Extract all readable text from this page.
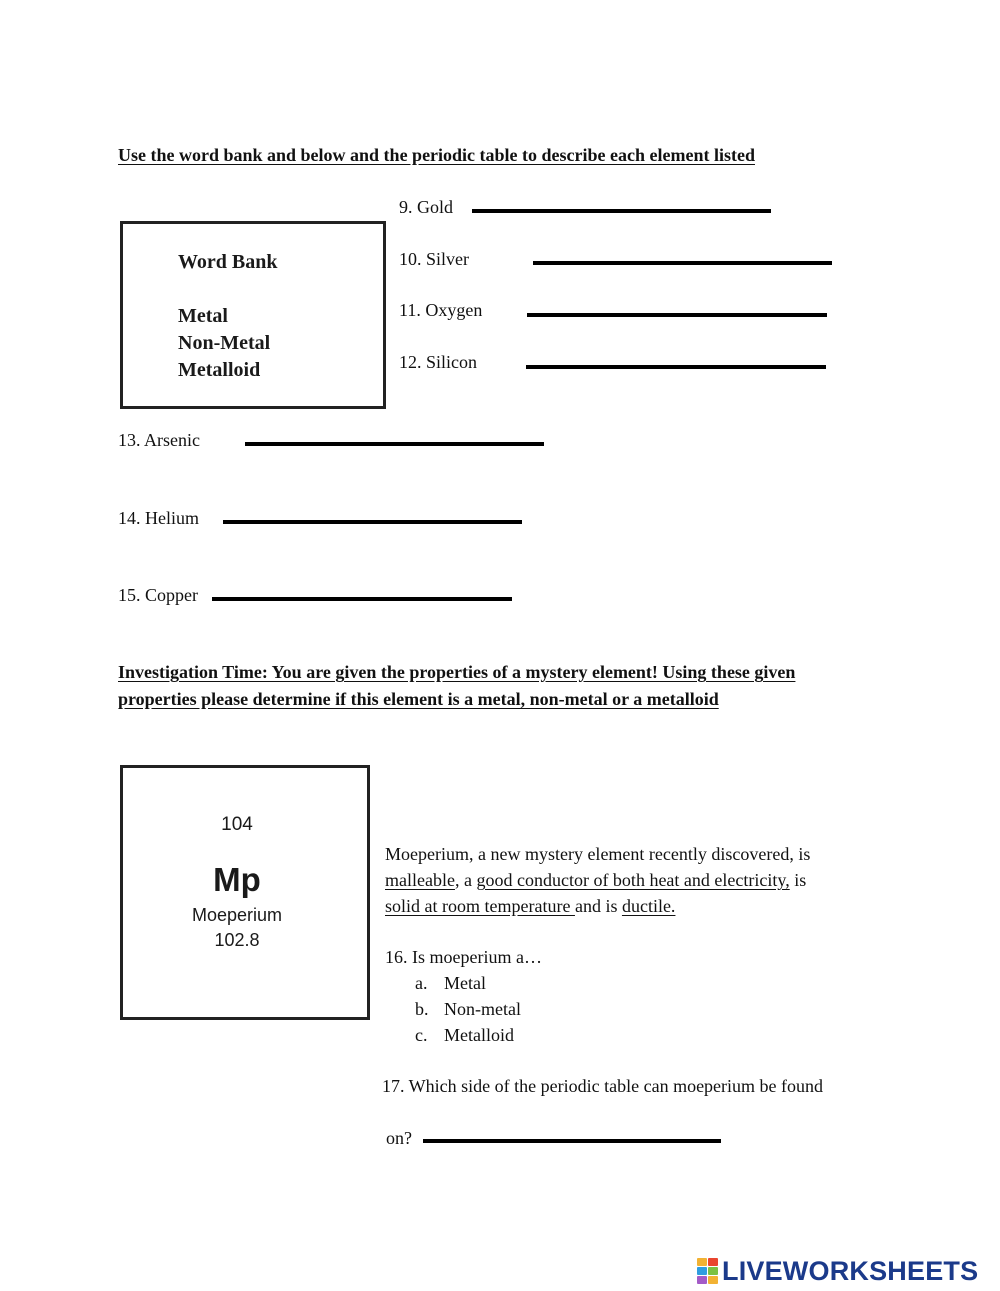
Use the word bank and below and the periodic table to describe each element listed
9. Gold
10. Silver
11. Oxygen
12. Silicon
Word Bank
Metal
Non-Metal
Metalloid
13. Arsenic
14. Helium
15. Copper
Investigation Time: You are given the properties of a mystery element! Using these given
properties please determine if this element is a metal, non-metal or a metalloid
104
Mp
Moeperium
102.8
Moeperium, a new mystery element recently discovered, is
malleable, a good conductor of both heat and electricity, is
solid at room temperature and is ductile.
16. Is moeperium a…
a. Metal
b. Non-metal
c. Metalloid
17. Which side of the periodic table can moeperium be found
on?
LIVEWORKSHEETS
